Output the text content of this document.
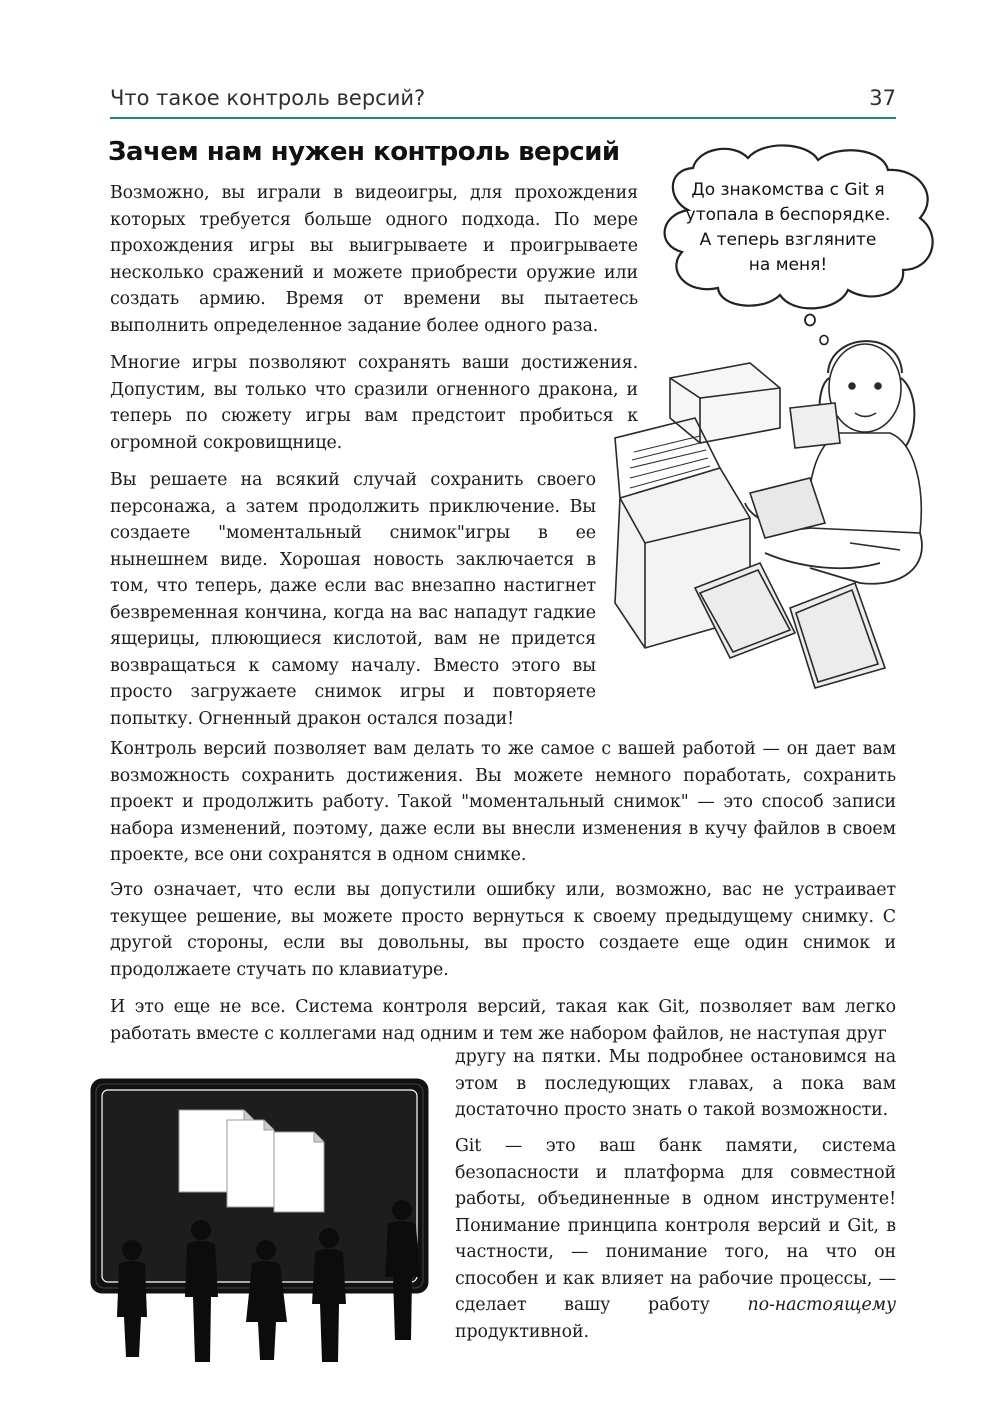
Что такое контроль версий?	37
Зачем нам нужен контроль версий
До знакомства с Git я
утопала в беспорядке.
А теперь взгляните
на меня!

Возможно, вы играли в видеоигры, для прохождения которых требуется больше одного подхода. По мере прохождения игры вы выигрываете и проигрываете несколько сражений и можете приобрести оружие или создать армию. Время от времени вы пытаетесь выполнить определенное задание более одного раза.

Многие игры позволяют сохранять ваши достижения. Допустим, вы только что сразили огненного дракона, и теперь по сюжету игры вам предстоит пробиться к огромной сокровищнице.

Вы решаете на всякий случай сохранить своего персонажа, а затем продолжить приключение. Вы создаете "моментальный снимок"игры в ее нынешнем виде. Хорошая новость заключается в том, что теперь, даже если вас внезапно настигнет безвременная кончина, когда на вас нападут гадкие ящерицы, плюющиеся кислотой, вам не придется возвращаться к самому началу. Вместо этого вы просто загружаете снимок игры и повторяете попытку. Огненный дракон остался позади!

Контроль версий позволяет вам делать то же самое с вашей работой — он дает вам возможность сохранить достижения. Вы можете немного поработать, сохранить проект и продолжить работу. Такой "моментальный снимок" — это способ записи набора изменений, поэтому, даже если вы внесли изменения в кучу файлов в своем проекте, все они сохранятся в одном снимке.

Это означает, что если вы допустили ошибку или, возможно, вас не устраивает текущее решение, вы можете просто вернуться к своему предыдущему снимку. С другой стороны, если вы довольны, вы просто создаете еще один снимок и продолжаете стучать по клавиатуре.

И это еще не все. Система контроля версий, такая как Git, позволяет вам легко работать вместе с коллегами над одним и тем же набором файлов, не наступая друг

другу на пятки. Мы подробнее остановимся на этом в последующих главах, а пока вам достаточно просто знать о такой возможности.

Git — это ваш банк памяти, система безопасности и платформа для совместной работы, объединенные в одном инструменте! Понимание принципа контроля версий и Git, в частности, — понимание того, на что он способен и как влияет на рабочие процессы, — сделает вашу работу по-настоящему продуктивной.
